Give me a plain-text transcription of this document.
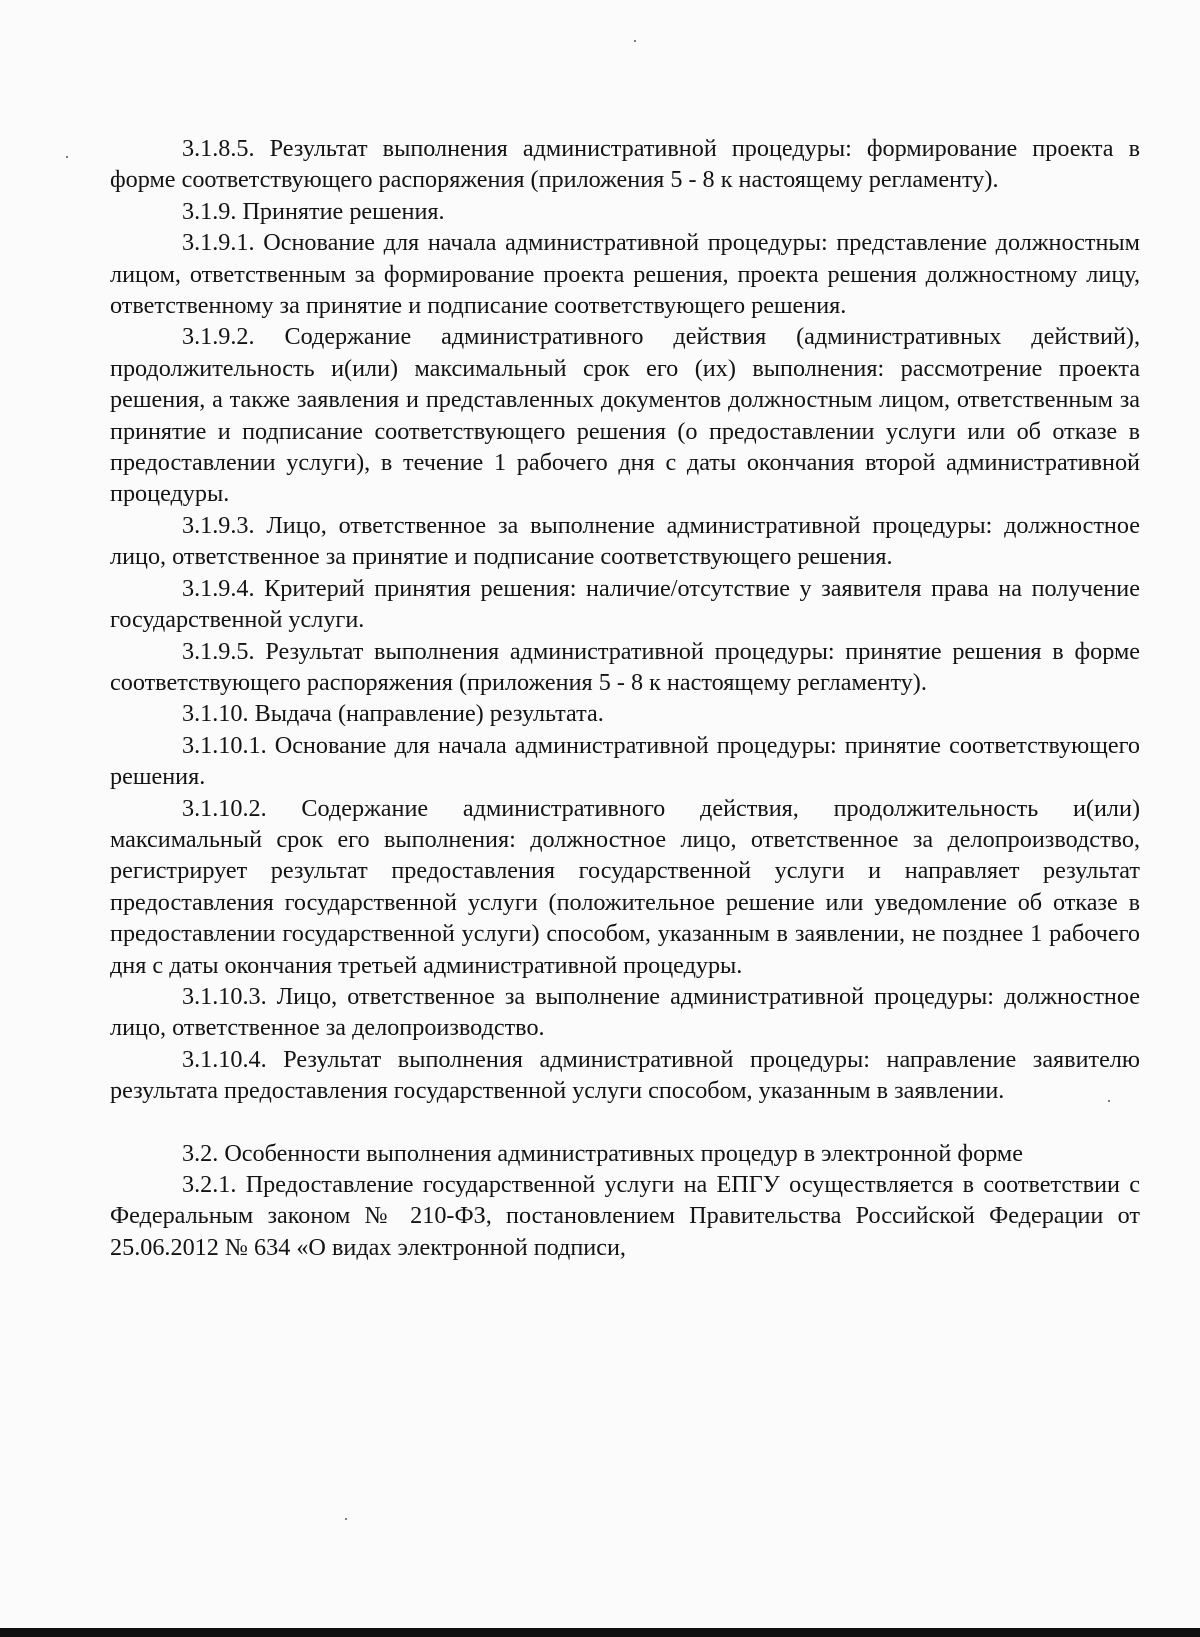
3.1.8.5. Результат выполнения административной процедуры: формирование проекта в форме соответствующего распоряжения (приложения 5 - 8 к настоящему регламенту).

3.1.9. Принятие решения.

3.1.9.1. Основание для начала административной процедуры: представление должностным лицом, ответственным за формирование проекта решения, проекта решения должностному лицу, ответственному за принятие и подписание соответствующего решения.

3.1.9.2. Содержание административного действия (административных действий), продолжительность и(или) максимальный срок его (их) выполнения: рассмотрение проекта решения, а также заявления и представленных документов должностным лицом, ответственным за принятие и подписание соответствующего решения (о предоставлении услуги или об отказе в предоставлении услуги), в течение 1 рабочего дня с даты окончания второй административной процедуры.

3.1.9.3. Лицо, ответственное за выполнение административной процедуры: должностное лицо, ответственное за принятие и подписание соответствующего решения.

3.1.9.4. Критерий принятия решения: наличие/отсутствие у заявителя права на получение государственной услуги.

3.1.9.5. Результат выполнения административной процедуры: принятие решения в форме соответствующего распоряжения (приложения 5 - 8 к настоящему регламенту).

3.1.10. Выдача (направление) результата.

3.1.10.1. Основание для начала административной процедуры: принятие соответствующего решения.

3.1.10.2. Содержание административного действия, продолжительность и(или) максимальный срок его выполнения: должностное лицо, ответственное за делопроизводство, регистрирует результат предоставления государственной услуги и направляет результат предоставления государственной услуги (положительное решение или уведомление об отказе в предоставлении государственной услуги) способом, указанным в заявлении, не позднее 1 рабочего дня с даты окончания третьей административной процедуры.

3.1.10.3. Лицо, ответственное за выполнение административной процедуры: должностное лицо, ответственное за делопроизводство.

3.1.10.4. Результат выполнения административной процедуры: направление заявителю результата предоставления государственной услуги способом, указанным в заявлении.

3.2. Особенности выполнения административных процедур в электронной форме

3.2.1. Предоставление государственной услуги на ЕПГУ осуществляется в соответствии с Федеральным законом № 210-ФЗ, постановлением Правительства Российской Федерации от 25.06.2012 № 634 «О видах электронной подписи,
